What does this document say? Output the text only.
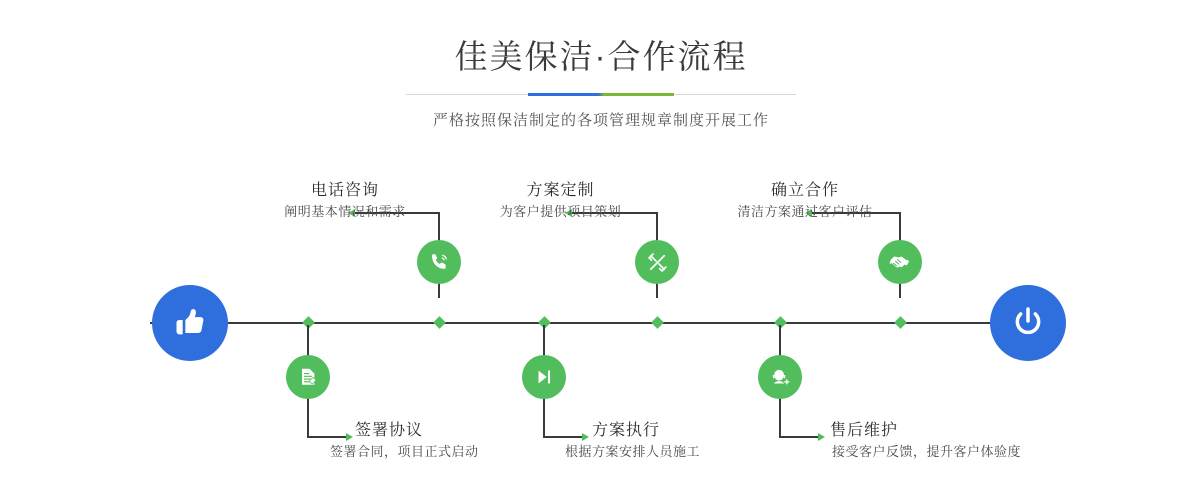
佳美保洁·合作流程

严格按照保洁制定的各项管理规章制度开展工作

电话咨询
阐明基本情况和需求
方案定制
为客户提供项目策划
确立合作
清洁方案通过客户评估
签署协议
签署合同，项目正式启动
方案执行
根据方案安排人员施工
售后维护
接受客户反馈，提升客户体验度
